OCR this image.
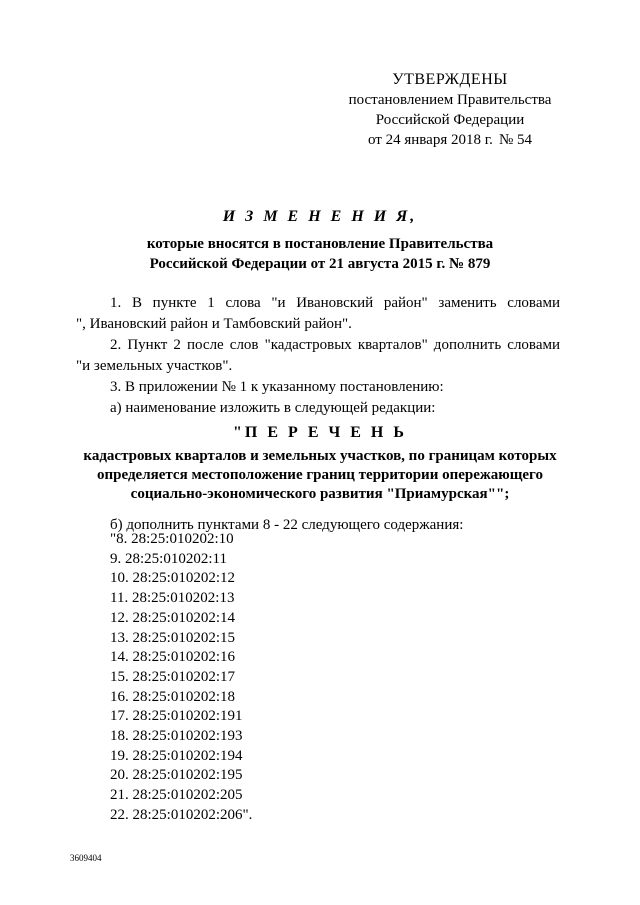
УТВЕРЖДЕНЫ
постановлением Правительства
Российской Федерации
от 24 января 2018 г. № 54
И З М Е Н Е Н И Я,
которые вносятся в постановление Правительства
Российской Федерации от 21 августа 2015 г. № 879
1. В пункте 1 слова "и Ивановский район" заменить словами
", Ивановский район и Тамбовский район".
2. Пункт 2 после слов "кадастровых кварталов" дополнить словами
"и земельных участков".
3. В приложении № 1 к указанному постановлению:
а) наименование изложить в следующей редакции:
"П Е Р Е Ч Е Н Ь
кадастровых кварталов и земельных участков, по границам которых
определяется местоположение границ территории опережающего
социально-экономического развития "Приамурская"";
б) дополнить пунктами 8 - 22 следующего содержания:
"8. 28:25:010202:10
9. 28:25:010202:11
10. 28:25:010202:12
11. 28:25:010202:13
12. 28:25:010202:14
13. 28:25:010202:15
14. 28:25:010202:16
15. 28:25:010202:17
16. 28:25:010202:18
17. 28:25:010202:191
18. 28:25:010202:193
19. 28:25:010202:194
20. 28:25:010202:195
21. 28:25:010202:205
22. 28:25:010202:206".
3609404
